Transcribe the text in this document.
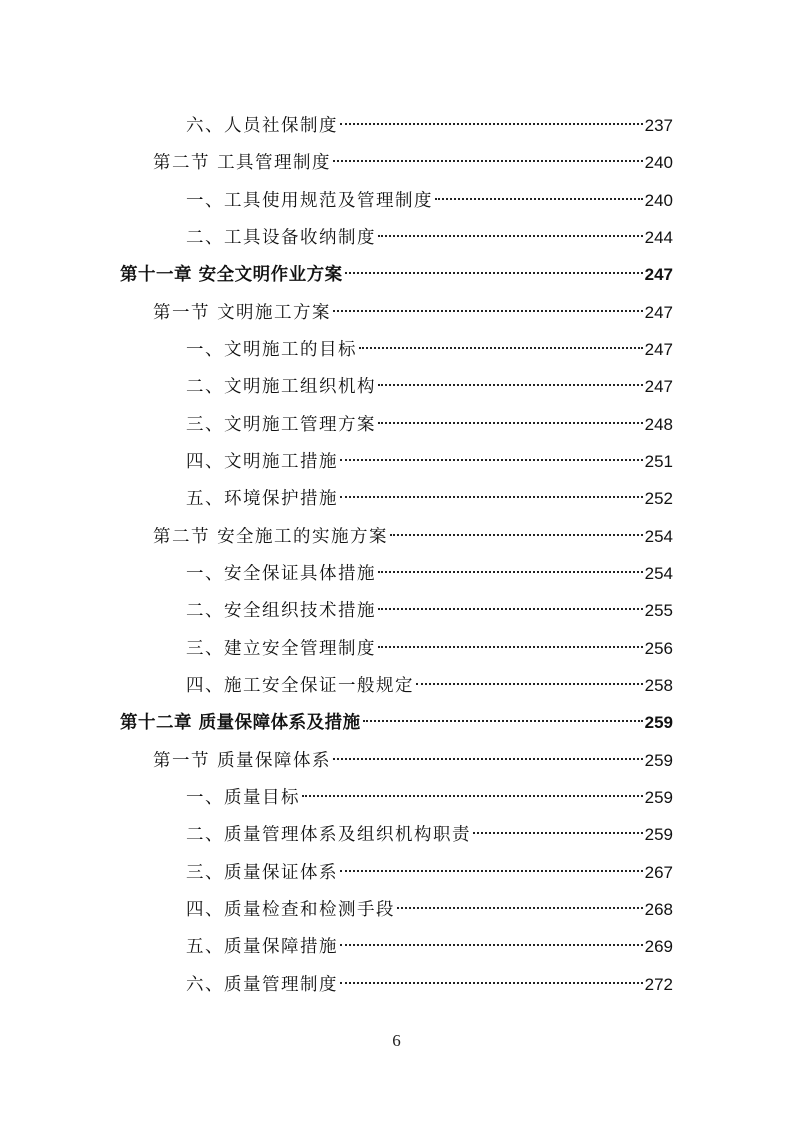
六、人员社保制度	237
第二节 工具管理制度	240
一、工具使用规范及管理制度	240
二、工具设备收纳制度	244
第十一章 安全文明作业方案	247
第一节 文明施工方案	247
一、文明施工的目标	247
二、文明施工组织机构	247
三、文明施工管理方案	248
四、文明施工措施	251
五、环境保护措施	252
第二节 安全施工的实施方案	254
一、安全保证具体措施	254
二、安全组织技术措施	255
三、建立安全管理制度	256
四、施工安全保证一般规定	258
第十二章 质量保障体系及措施	259
第一节 质量保障体系	259
一、质量目标	259
二、质量管理体系及组织机构职责	259
三、质量保证体系	267
四、质量检查和检测手段	268
五、质量保障措施	269
六、质量管理制度	272
6
